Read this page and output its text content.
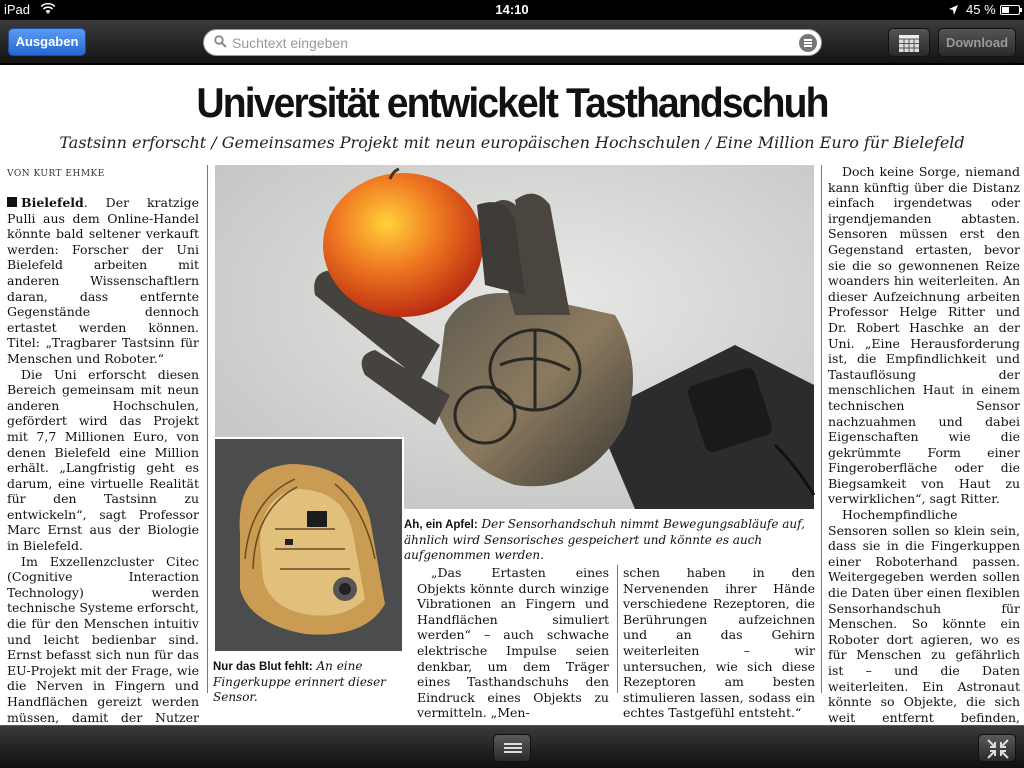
iPad	14:10	45 %
Ausgaben
Suchtext eingeben	Download
Universität entwickelt Tasthandschuh
Tastsinn erforscht / Gemeinsames Projekt mit neun europäischen Hochschulen / Eine Million Euro für Bielefeld
VON KURT EHMKE

Bielefeld. Der kratzige Pulli aus dem Online-Handel könnte bald seltener verkauft werden: Forscher der Uni Bielefeld arbeiten mit anderen Wissenschaftlern daran, dass entfernte Gegenstände dennoch ertastet werden können. Titel: „Tragbarer Tastsinn für Menschen und Roboter.“

Die Uni erforscht diesen Bereich gemeinsam mit neun anderen Hochschulen, gefördert wird das Projekt mit 7,7 Millionen Euro, von denen Bielefeld eine Million erhält. „Langfristig geht es darum, eine virtuelle Realität für den Tastsinn zu entwickeln“, sagt Professor Marc Ernst aus der Biologie in Bielefeld.

Im Exzellenzcluster Citec (Cognitive Interaction Technology) werden technische Systeme erforscht, die für den Menschen intuitiv und leicht bedienbar sind. Ernst befasst sich nun für das EU-Projekt mit der Frage, wie die Nerven in Fingern und Handflächen gereizt werden müssen, damit der Nutzer

Ah, ein Apfel: Der Sensorhandschuh nimmt Bewegungsabläufe auf, ähnlich wird Sensorisches gespeichert und könnte es auch aufgenommen werden.
Nur das Blut fehlt: An eine Fingerkuppe erinnert dieser Sensor.

„Das Ertasten eines Objekts könnte durch winzige Vibrationen an Fingern und Handflächen simuliert werden“ – auch schwache elektrische Impulse seien denkbar, um dem Träger eines Tasthandschuhs den Eindruck eines Objekts zu vermitteln. „Men-

schen haben in den Nervenenden ihrer Hände verschiedene Rezeptoren, die Berührungen aufzeichnen und an das Gehirn weiterleiten – wir untersuchen, wie sich diese Rezeptoren am besten stimulieren lassen, sodass ein echtes Tastgefühl entsteht.“

Doch keine Sorge, niemand kann künftig über die Distanz einfach irgendetwas oder irgendjemanden abtasten. Sensoren müssen erst den Gegenstand ertasten, bevor sie die so gewonnenen Reize woanders hin weiterleiten. An dieser Aufzeichnung arbeiten Professor Helge Ritter und Dr. Robert Haschke an der Uni. „Eine Herausforderung ist, die Empfindlichkeit und Tastauflösung der menschlichen Haut in einem technischen Sensor nachzuahmen und dabei Eigenschaften wie die gekrümmte Form einer Fingeroberfläche oder die Biegsamkeit von Haut zu verwirklichen“, sagt Ritter.

Hochempfindliche Sensoren sollen so klein sein, dass sie in die Fingerkuppen einer Roboterhand passen. Weitergegeben werden sollen die Daten über einen flexiblen Sensorhandschuh für Menschen. So könnte ein Roboter dort agieren, wo es für Menschen zu gefährlich ist – und die Daten weiterleiten. Ein Astronaut könnte so Objekte, die sich weit entfernt befinden,
